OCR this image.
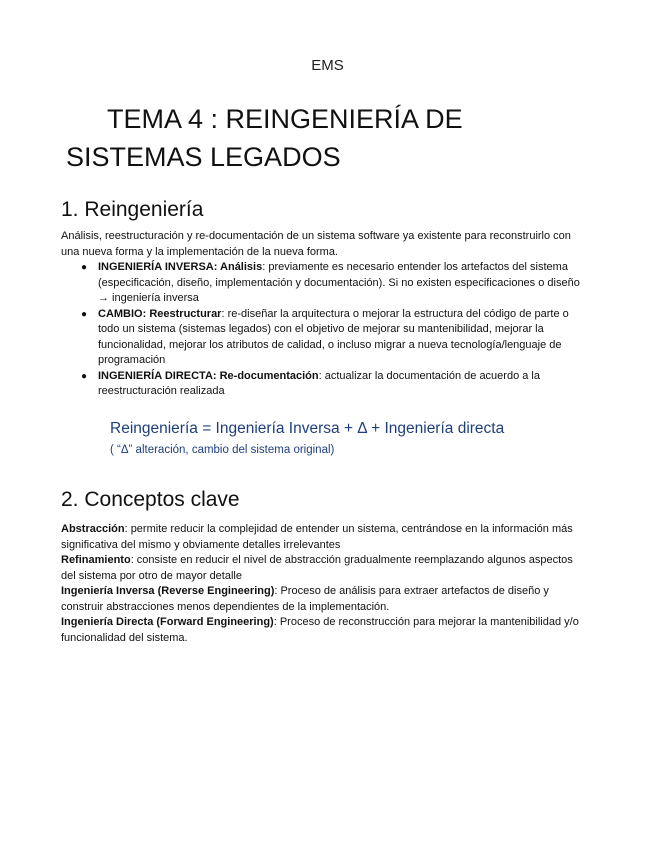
EMS
TEMA 4 : REINGENIERÍA DE
SISTEMAS LEGADOS
1. Reingeniería

Análisis, reestructuración y re-documentación de un sistema software ya existente para reconstruirlo con una nueva forma y la implementación de la nueva forma.

● INGENIERÍA INVERSA: Análisis: previamente es necesario entender los artefactos del sistema (especificación, diseño, implementación y documentación). Si no existen especificaciones o diseño → ingeniería inversa
● CAMBIO: Reestructurar: re-diseñar la arquitectura o mejorar la estructura del código de parte o todo un sistema (sistemas legados) con el objetivo de mejorar su mantenibilidad, mejorar la funcionalidad, mejorar los atributos de calidad, o incluso migrar a nueva tecnología/lenguaje de programación
● INGENIERÍA DIRECTA: Re-documentación: actualizar la documentación de acuerdo a la reestructuración realizada
Reingeniería = Ingeniería Inversa + Δ + Ingeniería directa
( “Δ” alteración, cambio del sistema original)
2. Conceptos clave

Abstracción: permite reducir la complejidad de entender un sistema, centrándose en la información más significativa del mismo y obviamente detalles irrelevantes

Refinamiento: consiste en reducir el nivel de abstracción gradualmente reemplazando algunos aspectos del sistema por otro de mayor detalle

Ingeniería Inversa (Reverse Engineering): Proceso de análisis para extraer artefactos de diseño y construir abstracciones menos dependientes de la implementación.

Ingeniería Directa (Forward Engineering): Proceso de reconstrucción para mejorar la mantenibilidad y/o funcionalidad del sistema.
